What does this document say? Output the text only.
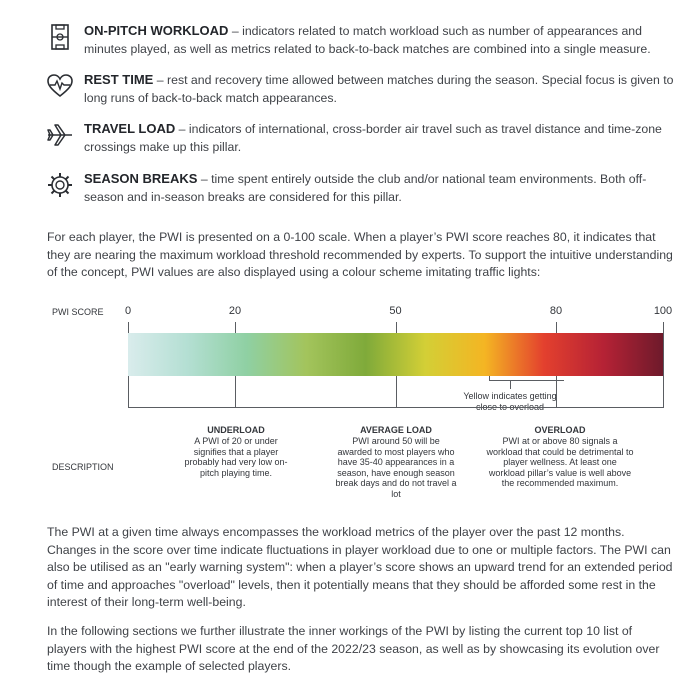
ON-PITCH WORKLOAD – indicators related to match workload such as number of appearances and minutes played, as well as metrics related to back-to-back matches are combined into a single measure.
REST TIME – rest and recovery time allowed between matches during the season. Special focus is given to long runs of back-to-back match appearances.
TRAVEL LOAD – indicators of international, cross-border air travel such as travel distance and time-zone crossings make up this pillar.
SEASON BREAKS – time spent entirely outside the club and/or national team environments. Both off-season and in-season breaks are considered for this pillar.

For each player, the PWI is presented on a 0-100 scale. When a player’s PWI score reaches 80, it indicates that they are nearing the maximum workload threshold recommended by experts. To support the intuitive understanding of the concept, PWI values are also displayed using a colour scheme imitating traffic lights:

PWI SCORE	0	20	50	80	100
Yellow indicates getting close to overload
DESCRIPTION
UNDERLOAD
A PWI of 20 or under signifies that a player probably had very low on-pitch playing time.
AVERAGE LOAD
PWI around 50 will be awarded to most players who have 35-40 appearances in a season, have enough season break days and do not travel a lot
OVERLOAD
PWI at or above 80 signals a workload that could be detrimental to player wellness. At least one workload pillar’s value is well above the recommended maximum.

The PWI at a given time always encompasses the workload metrics of the player over the past 12 months. Changes in the score over time indicate fluctuations in player workload due to one or multiple factors. The PWI can also be utilised as an "early warning system": when a player’s score shows an upward trend for an extended period of time and approaches "overload" levels, then it potentially means that they should be afforded some rest in the interest of their long-term well-being.

In the following sections we further illustrate the inner workings of the PWI by listing the current top 10 list of players with the highest PWI score at the end of the 2022/23 season, as well as by showcasing its evolution over time though the example of selected players.
